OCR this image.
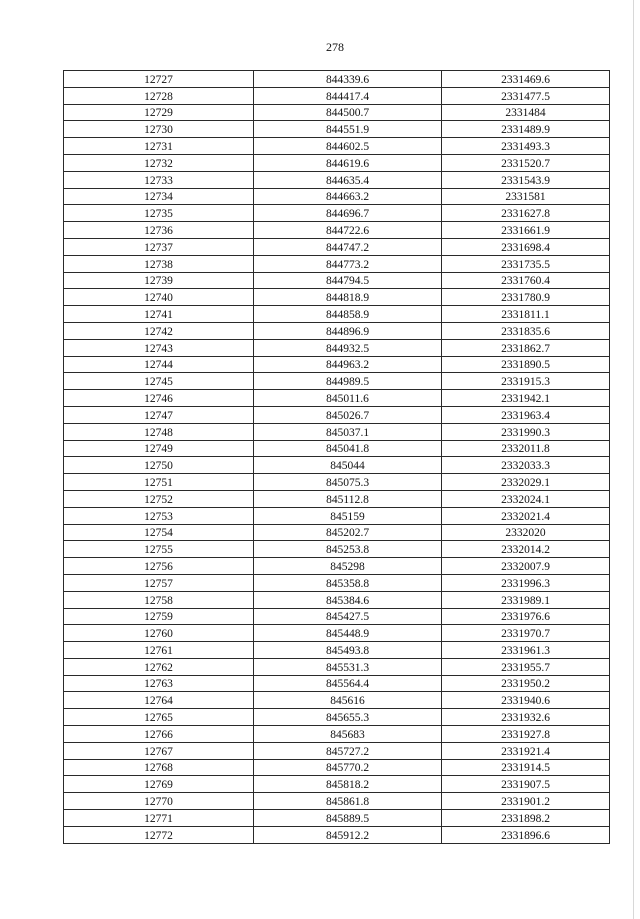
278
12727	844339.6	2331469.6
12728	844417.4	2331477.5
12729	844500.7	2331484
12730	844551.9	2331489.9
12731	844602.5	2331493.3
12732	844619.6	2331520.7
12733	844635.4	2331543.9
12734	844663.2	2331581
12735	844696.7	2331627.8
12736	844722.6	2331661.9
12737	844747.2	2331698.4
12738	844773.2	2331735.5
12739	844794.5	2331760.4
12740	844818.9	2331780.9
12741	844858.9	2331811.1
12742	844896.9	2331835.6
12743	844932.5	2331862.7
12744	844963.2	2331890.5
12745	844989.5	2331915.3
12746	845011.6	2331942.1
12747	845026.7	2331963.4
12748	845037.1	2331990.3
12749	845041.8	2332011.8
12750	845044	2332033.3
12751	845075.3	2332029.1
12752	845112.8	2332024.1
12753	845159	2332021.4
12754	845202.7	2332020
12755	845253.8	2332014.2
12756	845298	2332007.9
12757	845358.8	2331996.3
12758	845384.6	2331989.1
12759	845427.5	2331976.6
12760	845448.9	2331970.7
12761	845493.8	2331961.3
12762	845531.3	2331955.7
12763	845564.4	2331950.2
12764	845616	2331940.6
12765	845655.3	2331932.6
12766	845683	2331927.8
12767	845727.2	2331921.4
12768	845770.2	2331914.5
12769	845818.2	2331907.5
12770	845861.8	2331901.2
12771	845889.5	2331898.2
12772	845912.2	2331896.6
